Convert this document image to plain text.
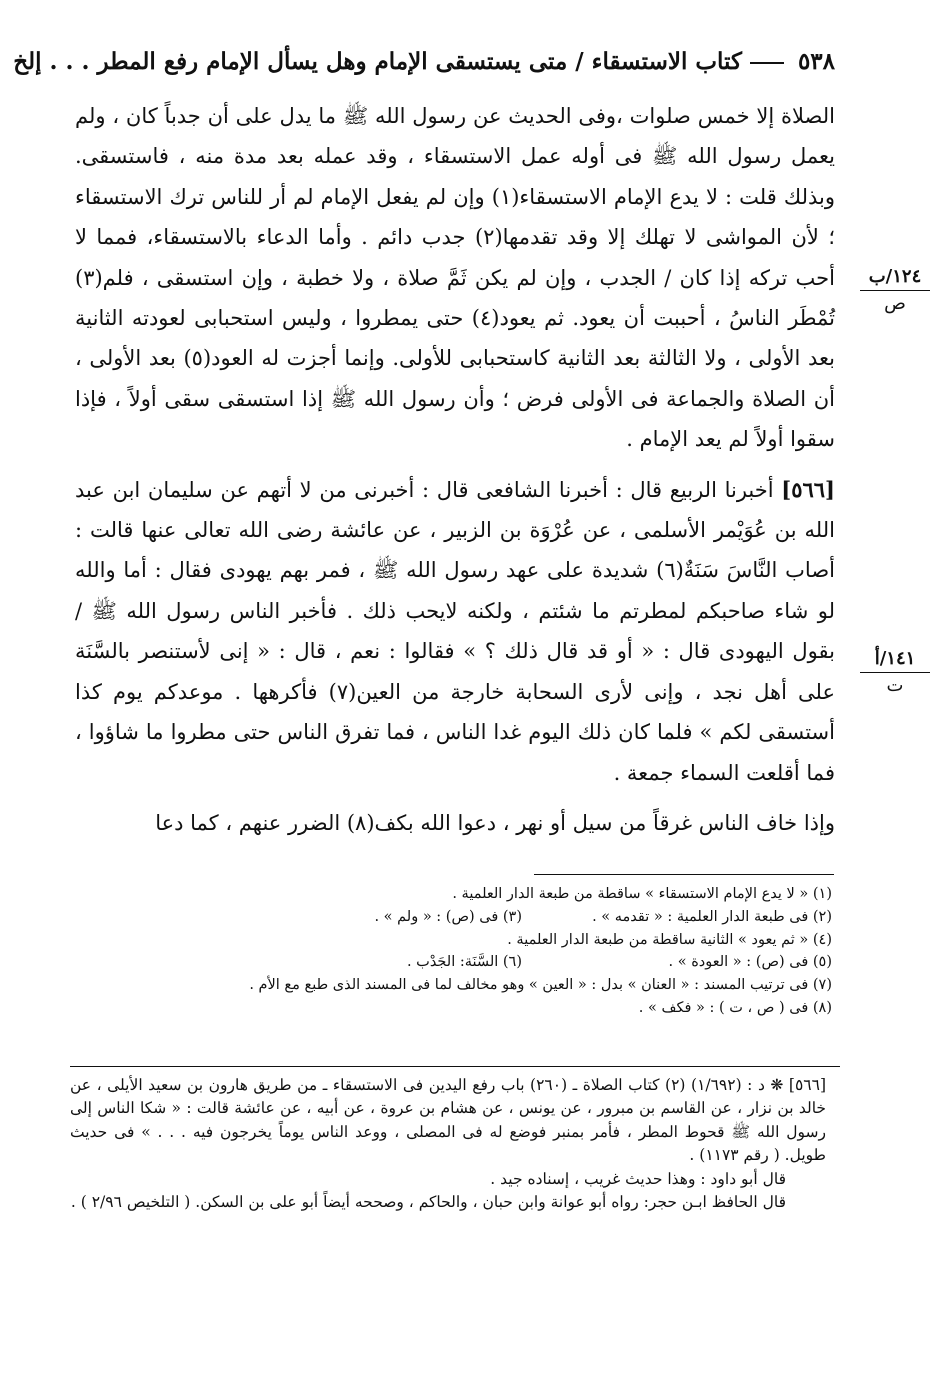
٥٣٨
كتاب الاستسقاء / متى يستسقى الإمام وهل يسأل الإمام رفع المطر . . . إلخ

الصلاة إلا خمس صلوات ،وفى الحديث عن رسول الله ﷺ ما يدل على أن جدباً كان ، ولم يعمل رسول الله ﷺ فى أوله عمل الاستسقاء ، وقد عمله بعد مدة منه ، فاستسقى. وبذلك قلت : لا يدع الإمام الاستسقاء(١) وإن لم يفعل الإمام لم أر للناس ترك الاستسقاء ؛ لأن المواشى لا تهلك إلا وقد تقدمها(٢) جدب دائم . وأما الدعاء بالاستسقاء، فمما لا أحب تركه إذا كان / الجدب ، وإن لم يكن ثَمَّ صلاة ، ولا خطبة ، وإن استسقى ، فلم(٣) تُمْطَر الناسُ ، أحببت أن يعود. ثم يعود(٤) حتى يمطروا ، وليس استحبابى لعودته الثانية بعد الأولى ، ولا الثالثة بعد الثانية كاستحبابى للأولى. وإنما أجزت له العود(٥) بعد الأولى ، أن الصلاة والجماعة فى الأولى فرض ؛ وأن رسول الله ﷺ إذا استسقى سقى أولاً ، فإذا سقوا أولاً لم يعد الإمام .

[٥٦٦] أخبرنا الربيع قال : أخبرنا الشافعى قال : أخبرنى من لا أتهم عن سليمان ابن عبد الله بن عُوَيْمر الأسلمى ، عن عُرْوَة بن الزبير ، عن عائشة رضى الله تعالى عنها قالت : أصاب النَّاسَ سَنَةٌ(٦) شديدة على عهد رسول الله ﷺ ، فمر بهم يهودى فقال : أما والله لو شاء صاحبكم لمطرتم ما شئتم ، ولكنه لايحب ذلك . فأخبر الناس رسول الله ﷺ / بقول اليهودى قال : « أو قد قال ذلك ؟ » فقالوا : نعم ، قال : « إنى لأستنصر بالسَّنَة على أهل نجد ، وإنى لأرى السحابة خارجة من العين(٧) فأكرهها . موعدكم يوم كذا أستسقى لكم » فلما كان ذلك اليوم غدا الناس ، فما تفرق الناس حتى مطروا ما شاؤوا ، فما أقلعت السماء جمعة .

وإذا خاف الناس غرقاً من سيل أو نهر ، دعوا الله بكف(٨) الضرر عنهم ، كما دعا

١٢٤/ب
ص
١٤١/أ
ت
(١) « لا يدع الإمام الاستسقاء » ساقطة من طبعة الدار العلمية .
(٢) فى طبعة الدار العلمية : « تقدمه » .
(٣) فى (ص) : « ولم » .
(٤) « ثم يعود » الثانية ساقطة من طبعة الدار العلمية .
(٥) فى (ص) : « العودة » .
(٦) السَّنَة: الجَدْب .
(٧) فى ترتيب المسند : « العنان » بدل : « العين » وهو مخالف لما فى المسند الذى طبع مع الأم .
(٨) فى ( ص ، ت ) : « فكف » .

[٥٦٦] ❋ د : (١/٦٩٢) (٢) كتاب الصلاة ـ (٢٦٠) باب رفع اليدين فى الاستسقاء ـ من طريق هارون بن سعيد الأيلى ، عن خالد بن نزار ، عن القاسم بن مبرور ، عن يونس ، عن هشام بن عروة ، عن أبيه ، عن عائشة قالت : « شكا الناس إلى رسول الله ﷺ قحوط المطر ، فأمر بمنبر فوضع له فى المصلى ، ووعد الناس يوماً يخرجون فيه . . . » فى حديث طويل. ( رقم ١١٧٣) .

قال أبو داود : وهذا حديث غريب ، إسناده جيد .

قال الحافظ ابـن حجر: رواه أبو عوانة وابن حبان ، والحاكم ، وصححه أيضاً أبو على بن السكن. ( التلخيص ٢/٩٦ ) .
